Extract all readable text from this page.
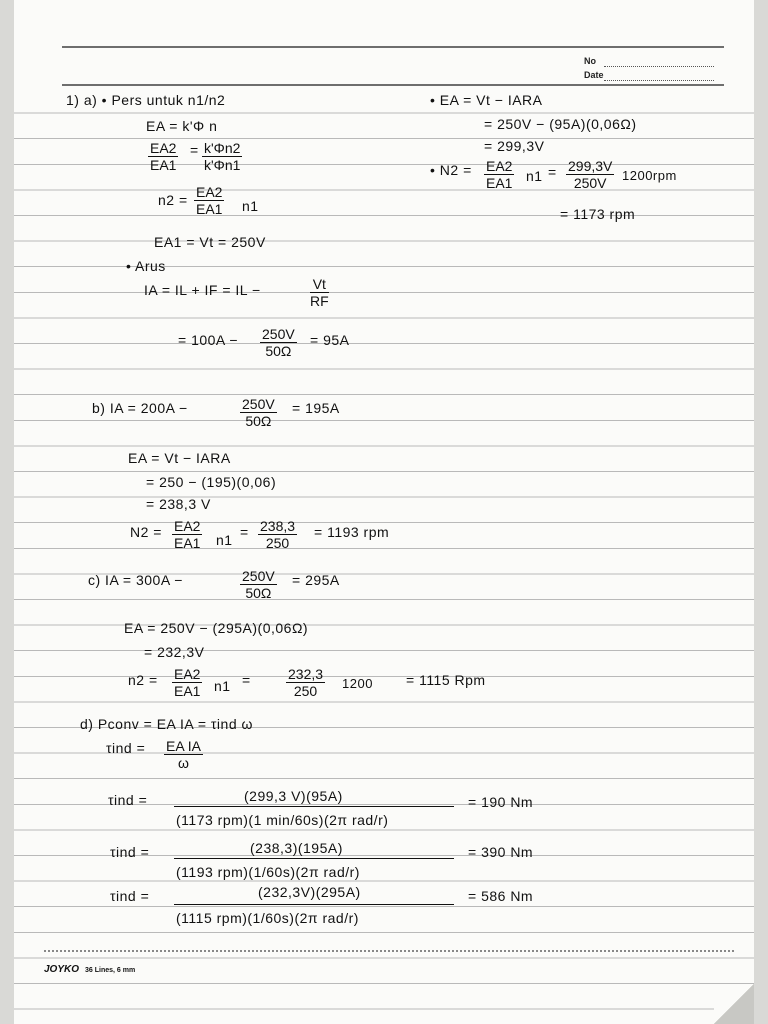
No
Date
1) a) • Pers untuk n1/n2
EA = k'Φ n
$\frac{EA2}{EA1} = \frac{k'\Phi n2}{k'\Phi n1}$
$n2 = \frac{EA2}{EA1} n1$
EA1 = Vt = 250V
• Arus
IA = IL + IF = IL −	$\frac{Vt}{RF}$
= $100A - \frac{250V}{50\Omega} = 95A$
• EA = Vt − IARA
= 250V − (95A)(0,06Ω)
= 299,3V
• $N2 = \frac{EA2}{EA1} n1 = \frac{299,3V}{250V} 1200rpm$
= 1173 rpm
b) IA = 200A −	$\frac{250V}{50\Omega} = 195A$
EA = Vt − IARA
= 250 − (195)(0,06)
= 238,3 V
$N2 = \frac{EA2}{EA1} n1 = \frac{238,3}{250} = 1193$ rpm
c) IA = 300A −	$\frac{250V}{50\Omega} = 295A$
EA = 250V − (295A)(0,06Ω)
= 232,3V
$n2 = \frac{EA2}{EA1} n1$ =	$\frac{232,3}{250} 1200 = 1115$ Rpm
d) Pconv = EA IA = τind ω
$\tau ind = \frac{\text{EA IA}}{\omega}$
τind =	(299,3 V)(95A)
(1173 rpm)(1 min/60s)(2π rad/r)
= 190 Nm
τind =	(238,3)(195A)
(1193 rpm)(1/60s)(2π rad/r)
= 390 Nm
τind =	(232,3V)(295A)
(1115 rpm)(1/60s)(2π rad/r)
= 586 Nm
JOYKO 36 Lines, 6 mm
